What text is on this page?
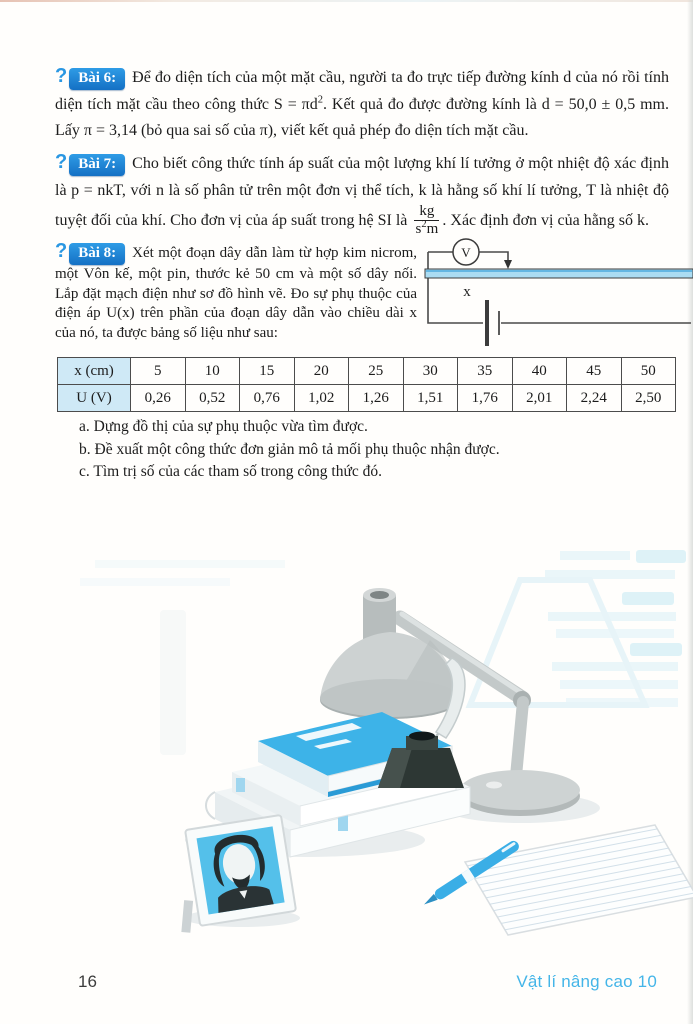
? Bài 6: Để đo diện tích của một mặt cầu, người ta đo trực tiếp đường kính d của nó rồi tính diện tích mặt cầu theo công thức $S = \pi d^2$. Kết quả đo được đường kính là d = 50,0 ± 0,5 mm. Lấy π = 3,14 (bỏ qua sai số của π), viết kết quả phép đo diện tích mặt cầu.
? Bài 7: Cho biết công thức tính áp suất của một lượng khí lí tưởng ở một nhiệt độ xác định là p = nkT, với n là số phân tử trên một đơn vị thể tích, k là hằng số khí lí tưởng, T là nhiệt độ tuyệt đối của khí. Cho đơn vị của áp suất trong hệ SI là $\frac{kg}{s^2m}$ . Xác định đơn vị của hằng số k.
? Bài 8: Xét một đoạn dây dẫn làm từ hợp kim nicrom, một Vôn kế, một pin, thước kẻ 50 cm và một số dây nối. Lắp đặt mạch điện như sơ đồ hình vẽ. Đo sự phụ thuộc của điện áp U(x) trên phần của đoạn dây dẫn vào chiều dài x của nó, ta được bảng số liệu như sau:
V
x
x (cm)	5	10	15	20	25	30	35	40	45	50
U (V)	0,26	0,52	0,76	1,02	1,26	1,51	1,76	2,01	2,24	2,50
a. Dựng đồ thị của sự phụ thuộc vừa tìm được.
b. Đề xuất một công thức đơn giản mô tả mối phụ thuộc nhận được.
c. Tìm trị số của các tham số trong công thức đó.
16	Vật lí nâng cao 10
